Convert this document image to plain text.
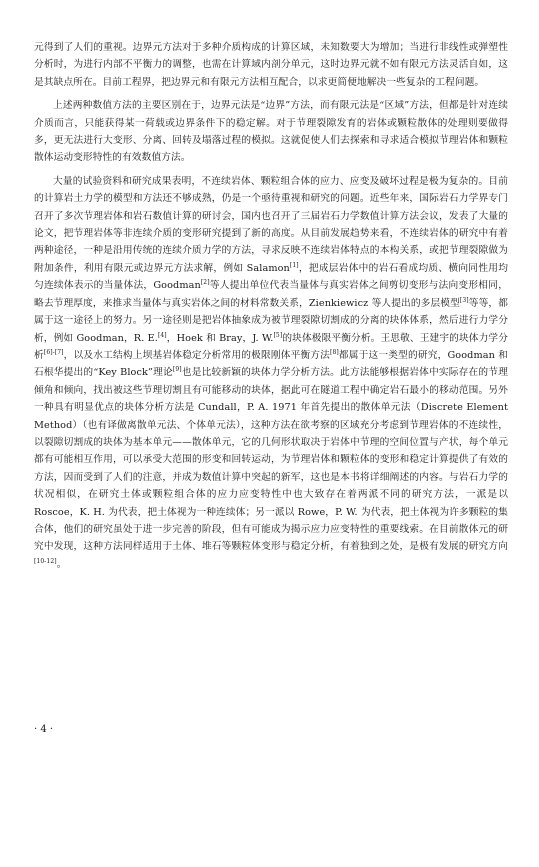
元得到了人们的重视。边界元方法对于多种介质构成的计算区域，未知数要大为增加；当进行非线性或弹塑性分析时，为进行内部不平衡力的调整，也需在计算域内剖分单元，这时边界元就不如有限元方法灵活自如，这是其缺点所在。目前工程界，把边界元和有限元方法相互配合，以求更简便地解决一些复杂的工程问题。

上述两种数值方法的主要区别在于，边界元法是“边界”方法，而有限元法是“区域”方法，但都是针对连续介质而言，只能获得某一荷载或边界条件下的稳定解。对于节理裂隙发育的岩体或颗粒散体的处理则要做得多，更无法进行大变形、分离、回转及塌落过程的模拟。这就促使人们去探索和寻求适合模拟节理岩体和颗粒散体运动变形特性的有效数值方法。

大量的试验资料和研究成果表明，不连续岩体、颗粒组合体的应力、应变及破坏过程是极为复杂的。目前的计算岩土力学的模型和方法还不够成熟，仍是一个亟待重视和研究的问题。近些年来，国际岩石力学界专门召开了多次节理岩体和岩石数值计算的研讨会，国内也召开了三届岩石力学数值计算方法会议，发表了大量的论文，把节理岩体等非连续介质的变形研究提到了新的高度。从目前发展趋势来看，不连续岩体的研究中有着两种途径，一种是沿用传统的连续介质力学的方法，寻求反映不连续岩体特点的本构关系，或把节理裂隙做为附加条件，利用有限元或边界元方法求解，例如 Salamon[1]，把成层岩体中的岩石看成均质、横向同性用均匀连续体表示的当量体法，Goodman[2]等人提出单位代表当量体与真实岩体之间剪切变形与法向变形相同，略去节理厚度，来推求当量体与真实岩体之间的材料常数关系，Zienkiewicz 等人提出的多层模型[3]等等，都属于这一途径上的努力。另一途径则是把岩体抽象成为被节理裂隙切割成的分离的块体体系，然后进行力学分析，例如 Goodman，R. E.[4]，Hoek 和 Bray，J. W.[5]的块体极限平衡分析。王思敬、王建宇的块体力学分析[6]-[7]，以及水工结构上坝基岩体稳定分析常用的极限刚体平衡方法[8]都属于这一类型的研究，Goodman 和石根华提出的“Key Block”理论[9]也是比较新颖的块体力学分析方法。此方法能够根据岩体中实际存在的节理倾角和倾向，找出被这些节理切割且有可能移动的块体，据此可在隧道工程中确定岩石最小的移动范围。另外一种具有明显优点的块体分析方法是 Cundall，P. A. 1971 年首先提出的散体单元法（Discrete Element Method）（也有译做离散单元法、个体单元法），这种方法在欲考察的区域充分考虑到节理岩体的不连续性，以裂隙切割成的块体为基本单元——散体单元，它的几何形状取决于岩体中节理的空间位置与产状，每个单元都有可能相互作用，可以承受大范围的形变和回转运动，为节理岩体和颗粒体的变形和稳定计算提供了有效的方法，因而受到了人们的注意，并成为数值计算中突起的新军，这也是本书将详细阐述的内容。与岩石力学的状况相似，在研究土体或颗粒组合体的应力应变特性中也大致存在着两派不同的研究方法，一派是以 Roscoe，K. H. 为代表，把土体视为一种连续体；另一派以 Rowe，P. W. 为代表，把土体视为许多颗粒的集合体，他们的研究虽处于进一步完善的阶段，但有可能成为揭示应力应变特性的重要线索。在目前散体元的研究中发现，这种方法同样适用于土体、堆石等颗粒体变形与稳定分析，有着独到之处，是极有发展的研究方向[10-12]。

· 4 ·
